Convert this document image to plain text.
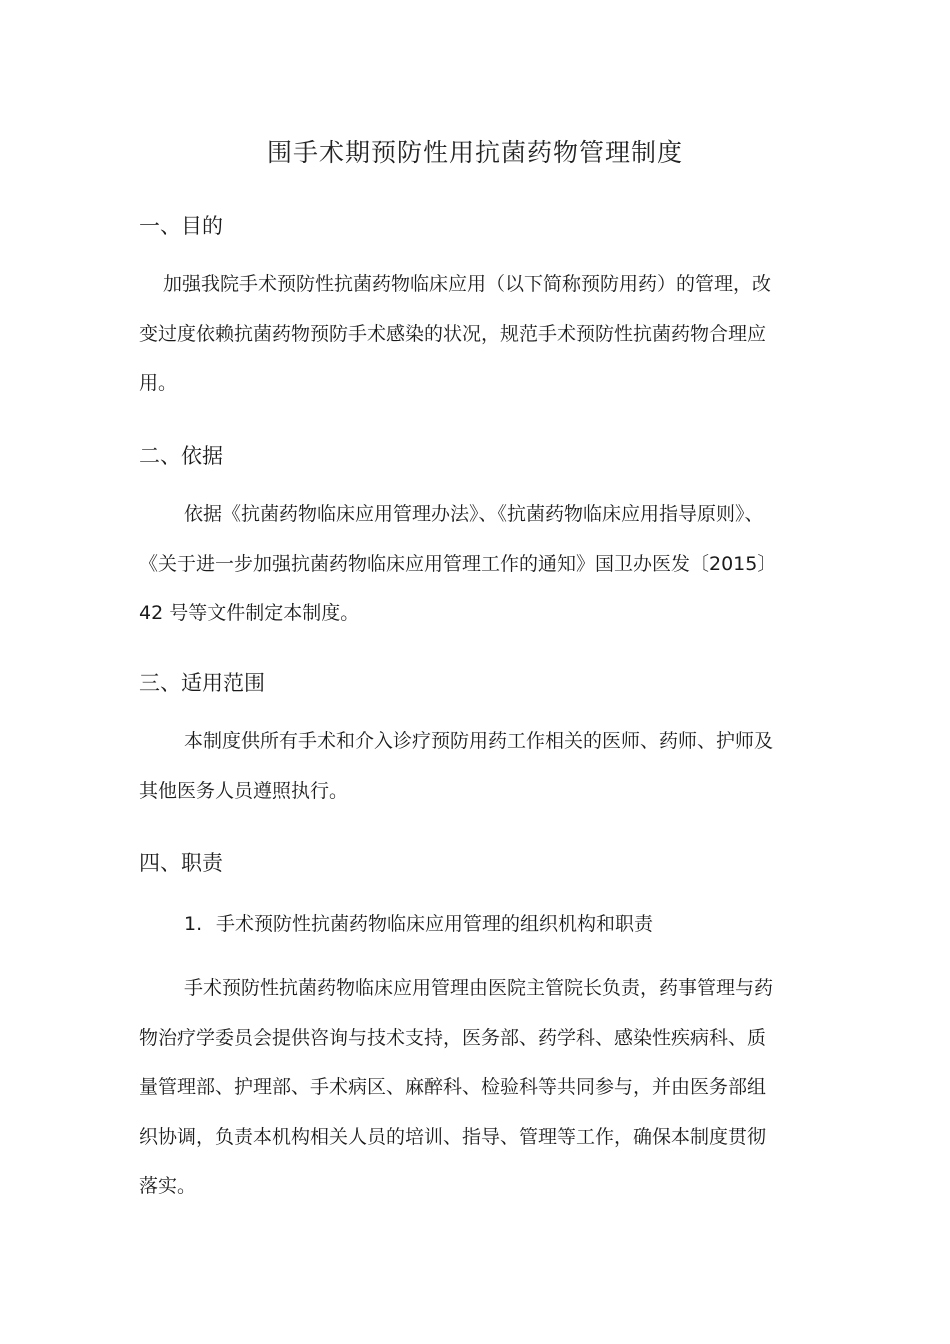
围手术期预防性用抗菌药物管理制度
一、目的
加强我院手术预防性抗菌药物临床应用（以下简称预防用药）的管理，改
变过度依赖抗菌药物预防手术感染的状况，规范手术预防性抗菌药物合理应
用。
二、依据
依据《抗菌药物临床应用管理办法》、《抗菌药物临床应用指导原则》、
《关于进一步加强抗菌药物临床应用管理工作的通知》国卫办医发〔2015〕
42 号等文件制定本制度。
三、适用范围
本制度供所有手术和介入诊疗预防用药工作相关的医师、药师、护师及
其他医务人员遵照执行。
四、职责
1. 手术预防性抗菌药物临床应用管理的组织机构和职责
手术预防性抗菌药物临床应用管理由医院主管院长负责，药事管理与药
物治疗学委员会提供咨询与技术支持，医务部、药学科、感染性疾病科、质
量管理部、护理部、手术病区、麻醉科、检验科等共同参与，并由医务部组
织协调，负责本机构相关人员的培训、指导、管理等工作，确保本制度贯彻
落实。
